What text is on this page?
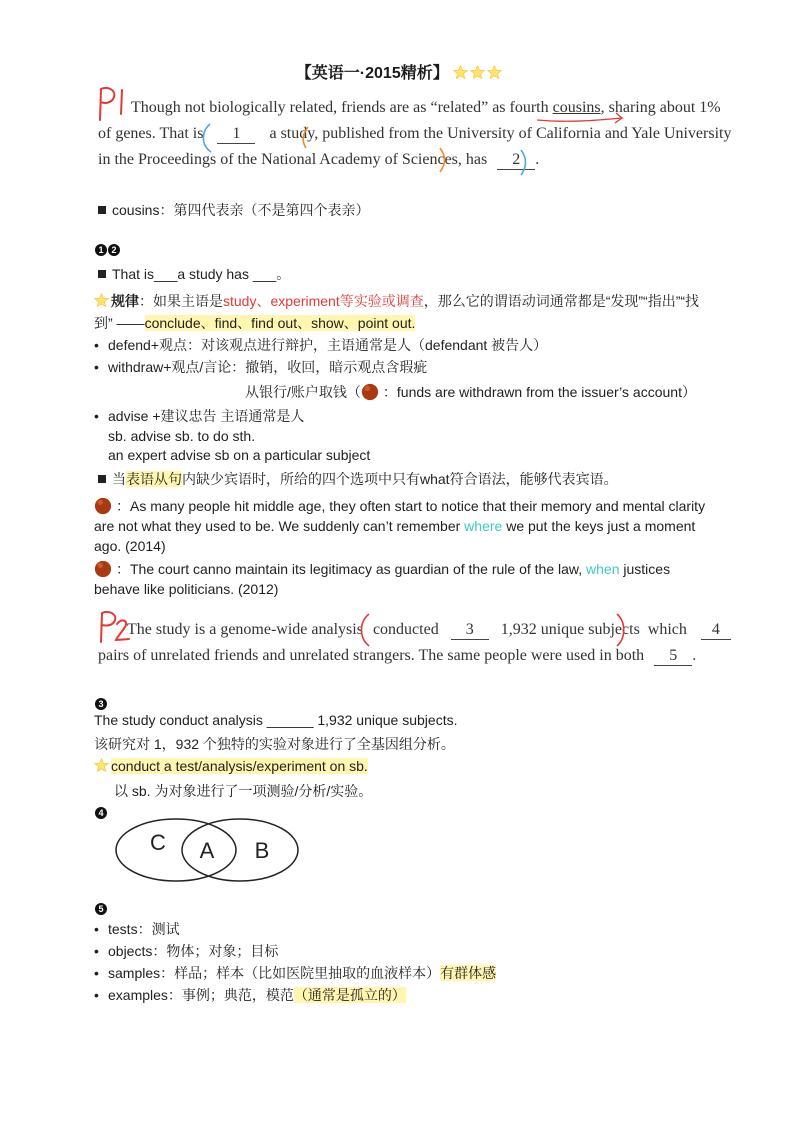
【英语一·2015精析】
Though not biologically related, friends are as “related” as fourth cousins, sharing about 1%
of genes. That is 1 a study, published from the University of California and Yale University
in the Proceedings of the National Academy of Sciences, has 2 .
cousins：第四代表亲（不是第四个表亲）
1 2
That is___a study has ___。
规律：如果主语是study、experiment等实验或调查，那么它的谓语动词通常都是“发现”“指出”“找
到” ——conclude、find、find out、show、point out.
• defend+观点：对该观点进行辩护，主语通常是人（defendant 被告人）
• withdraw+观点/言论：撤销，收回，暗示观点含瑕疵
从银行/账户取钱（ ：funds are withdrawn from the issuer’s account）
• advise +建议忠告 主语通常是人
sb. advise sb. to do sth.
an expert advise sb on a particular subject
当表语从句内缺少宾语时，所给的四个选项中只有what符合语法，能够代表宾语。
：As many people hit middle age, they often start to notice that their memory and mental clarity
are not what they used to be. We suddenly can’t remember where we put the keys just a moment
ago. (2014)
：The court canno maintain its legitimacy as guardian of the rule of the law, when justices
behave like politicians. (2012)
The study is a genome-wide analysis conducted 3 1,932 unique subjects which 4
pairs of unrelated friends and unrelated strangers. The same people were used in both 5 .
3
The study conduct analysis ______ 1,932 unique subjects.
该研究对 1，932 个独特的实验对象进行了全基因组分析。
conduct a test/analysis/experiment on sb.
以 sb. 为对象进行了一项测验/分析/实验。
4
C A B
5
• tests：测试
• objects：物体；对象；目标
• samples：样品；样本（比如医院里抽取的血液样本）有群体感
• examples：事例；典范，模范（通常是孤立的）
